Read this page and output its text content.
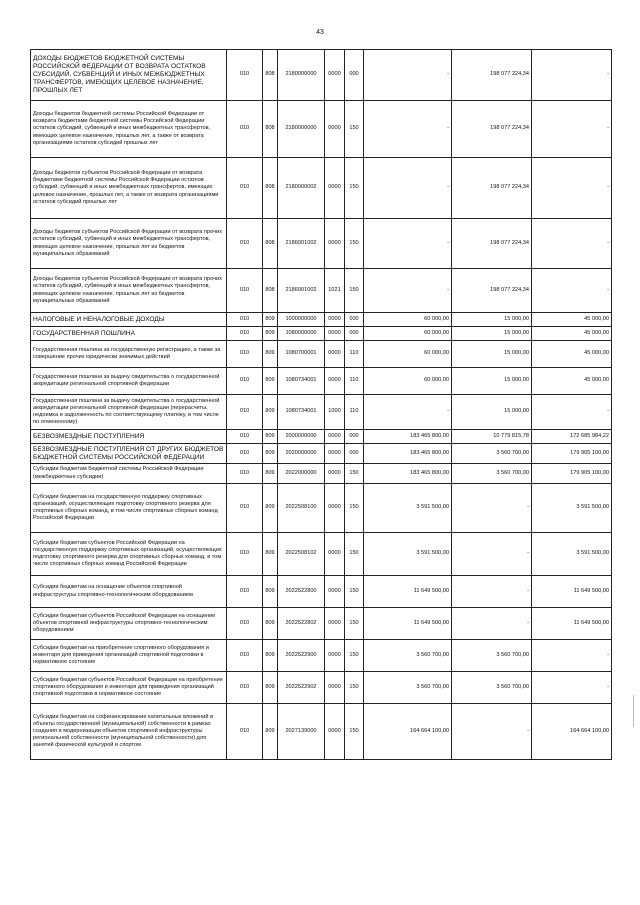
43
ДОХОДЫ БЮДЖЕТОВ БЮДЖЕТНОЙ СИСТЕМЫ РОССИЙСКОЙ ФЕДЕРАЦИИ ОТ ВОЗВРАТА ОСТАТКОВ СУБСИДИЙ, СУБВЕНЦИЙ И ИНЫХ МЕЖБЮДЖЕТНЫХ ТРАНСФЕРТОВ, ИМЕЮЩИХ ЦЕЛЕВОЕ НАЗНАЧЕНИЕ, ПРОШЛЫХ ЛЕТ	010	808	2180000000	0000	000	-	198 077 224,34	-
Доходы бюджетов бюджетной системы Российской Федерации от возврата бюджетами бюджетной системы Российской Федерации остатков субсидий, субвенций и иных межбюджетных трансфертов, имеющих целевое назначение, прошлых лет, а также от возврата организациями остатков субсидий прошлых лет	010	808	2180000000	0000	150	-	198 077 224,34	-
Доходы бюджетов субъектов Российской Федерации от возврата бюджетами бюджетной системы Российской Федерации остатков субсидий, субвенций и иных межбюджетных трансфертов, имеющих целевое назначение, прошлых лет, а также от возврата организациями остатков субсидий прошлых лет	010	808	2180000002	0000	150	-	198 077 224,34	-
Доходы бюджетов субъектов Российской Федерации от возврата прочих остатков субсидий, субвенций и иных межбюджетных трансфертов, имеющих целевое назначение, прошлых лет из бюджетов муниципальных образований	010	808	2186001002	0000	150	-	198 077 224,34	-
Доходы бюджетов субъектов Российской Федерации от возврата прочих остатков субсидий, субвенций и иных межбюджетных трансфертов, имеющих целевое назначение, прошлых лет из бюджетов муниципальных образований	010	808	2186001002	1021	150	-	198 077 224,34	-
НАЛОГОВЫЕ И НЕНАЛОГОВЫЕ ДОХОДЫ	010	809	1000000000	0000	000	60 000,00	15 000,00	45 000,00
ГОСУДАРСТВЕННАЯ ПОШЛИНА	010	809	1080000000	0000	000	60 000,00	15 000,00	45 000,00
Государственная пошлина за государственную регистрацию, а также за совершение прочих юридически значимых действий	010	809	1080700001	0000	110	60 000,00	15 000,00	45 000,00
Государственная пошлина за выдачу свидетельства о государственной аккредитации региональной спортивной федерации	010	809	1080734001	0000	110	60 000,00	15 000,00	45 000,00
Государственная пошлина за выдачу свидетельства о государственной аккредитации региональной спортивной федерации (перерасчеты, недоимка и задолженность по соответствующему платежу, в том числе по отмененному)	010	809	1080734001	1000	110	-	15 000,00	-
БЕЗВОЗМЕЗДНЫЕ ПОСТУПЛЕНИЯ	010	809	2000000000	0000	000	183 465 800,00	10 779 815,78	172 685 984,22
БЕЗВОЗМЕЗДНЫЕ ПОСТУПЛЕНИЯ ОТ ДРУГИХ БЮДЖЕТОВ БЮДЖЕТНОЙ СИСТЕМЫ РОССИЙСКОЙ ФЕДЕРАЦИИ	010	809	2020000000	0000	000	183 465 800,00	3 560 700,00	179 905 100,00
Субсидии бюджетам бюджетной системы Российской Федерации (межбюджетные субсидии)	010	809	2022000000	0000	150	183 465 800,00	3 560 700,00	179 905 100,00
Субсидии бюджетам на государственную поддержку спортивных организаций, осуществляющих подготовку спортивного резерва для спортивных сборных команд, в том числе спортивных сборных команд Российской Федерации	010	809	2022508100	0000	150	3 591 500,00	-	3 591 500,00
Субсидии бюджетам субъектов Российской Федерации на государственную поддержку спортивных организаций, осуществляющих подготовку спортивного резерва для спортивных сборных команд, в том числе спортивных сборных команд Российской Федерации	010	809	2022508102	0000	150	3 591 500,00	-	3 591 500,00
Субсидии бюджетам на оснащение объектов спортивной инфраструктуры спортивно-технологическим оборудованием	010	809	2022522800	0000	150	11 649 500,00	-	11 649 500,00
Субсидии бюджетам субъектов Российской Федерации на оснащение объектов спортивной инфраструктуры спортивно-технологическим оборудованием	010	809	2022522802	0000	150	11 649 500,00	-	11 649 500,00
Субсидии бюджетам на приобретение спортивного оборудования и инвентаря для приведения организаций спортивной подготовки в нормативное состояние	010	809	2022522900	0000	150	3 560 700,00	3 560 700,00	-
Субсидии бюджетам субъектов Российской Федерации на приобретение спортивного оборудования и инвентаря для приведения организаций спортивной подготовки в нормативное состояние	010	809	2022522902	0000	150	3 560 700,00	3 560 700,00	-
Субсидии бюджетам на софинансирование капитальных вложений в объекты государственной (муниципальной) собственности в рамках создания и модернизации объектов спортивной инфраструктуры региональной собственности (муниципальной собственности) для занятий физической культурой и спортом	010	809	2027139000	0000	150	164 664 100,00	-	164 664 100,00
